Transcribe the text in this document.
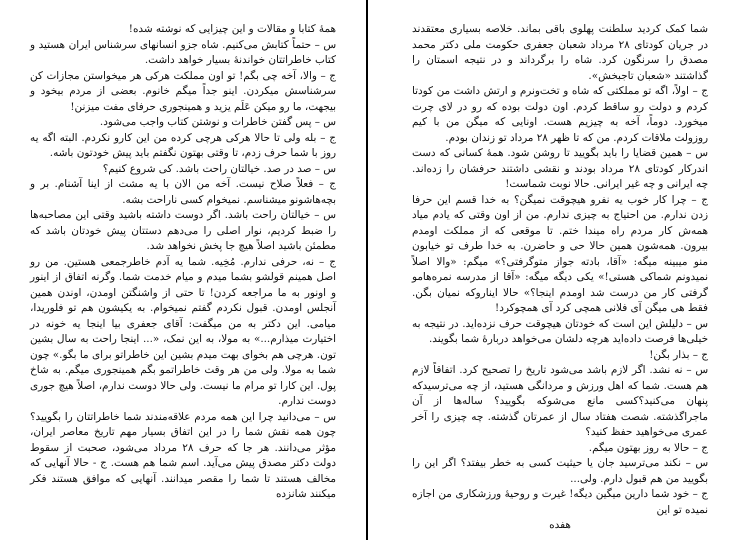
همهٔ کتابا و مقالات و این چیزایی که نوشته شده!

س – حتماً کتابش می‌کنیم. شاه جزو انسانهای سرشناس ایران هستید و کتاب خاطراتتان خواندنهٔ بسیار خواهد داشت.

ج – والا، آخه چی بگم! تو اون مملکت هرکی هر میخواستن مجازات کن سرشناسش میکردن. اینو جداً میگم خانوم. بعضی از مردم بیخود و بیجهت، ما رو میکن عَلَم یزید و همینجوری حرفای مفت میزنن!

س – پس گفتن خاطرات و نوشتن کتاب واجب می‌شود.

ج – بله ولی تا حالا هرکی هرچی کرده من این کارو نکردم. البته اگه یه روز با شما حرف زدم، تا وقتی بهتون نگفتم باید پیش خودتون باشه.

س – صد در صد. خیالتان راحت باشد. کی شروع کنیم؟

ج – فعلاً صلاح نیست. آخه من الان با یه مشت از اینا آشنام. بر و بچه‌هاشونو میشناسم. نمیخوام کسی ناراحت بشه.

س – خیالتان راحت باشد. اگر دوست داشته باشید وقتی این مصاحبه‌ها را ضبط کردیم، نوار اصلی را می‌دهم دستتان پیش خودتان باشد که مطمئن باشید اصلاً هیچ جا پخش نخواهد شد.

ج – نه، حرفی ندارم. مُخِیه. شما یه آدم خاطرجمعی هستین. من رو اصل همینم قولشو بشما میدم و میام خدمت شما. وگرنه اتفاق از اینور و اونور به ما مراجعه کردن! تا حتی از واشنگتن اومدن، اوندن همین آنجلس اومدن. قبول نکردم گفتم نمیخوام. به یکیشون هم تو فلوریدا، میامی. این دکتر به من میگفت: آقای جعفری بیا اینجا یه خونه در اختیارت میذارم...» به مولا، به این نمک، «... اینجا راحت به سال بشین تون. هرچی هم بخوای بهت میدم بشین این خاطراتو برای ما بگو.» چون شما به مولا. ولی من هر وقت خاطراتمو بگم همینجوری میگم. به شاخ پول. این کارا تو مرام ما نیست. ولی حالا دوست ندارم، اصلاً هیچ جوری دوست ندارم.

س – می‌دانید چرا این همه مردم علاقه‌مندند شما خاطراتتان را بگویید؟ چون همه نقش شما را در این اتفاق بسیار مهم تاریخ معاصر ایران، مؤثر می‌دانند. هر جا که حرف ۲۸ مرداد می‌شود، صحبت از سقوط دولت دکتر مصدق پیش می‌آید. اسم شما هم هست. ج - حالا آنهایی که مخالف هستند تا شما را مقصر میدانند. آنهایی که موافق هستند فکر میکنند شانزده

شما کمک کردید سلطنت پهلوی باقی بماند. خلاصه بسیاری معتقدند در جریان کودتای ۲۸ مرداد شعبان جعفری حکومت ملی دکتر محمد مصدق را سرنگون کرد. شاه را برگرداند و در نتیجه اسمتان را گذاشتند «شعبان تاجبخش».

ج – اولاً، اگه تو مملکتی که شاه و تخت‌ونرم و ارتش داشت من کودتا کردم و دولت رو ساقط کردم. اون دولت بوده که رو در لای چرت میخورد. دوماً، آخه به چیزیم هست. اونایی که میگن من با کیم روزولت ملاقات کردم. من که تا ظهر ۲۸ مرداد تو زندان بودم.

س – همین قضایا را باید بگویید تا روشن شود. همهٔ کسانی که دست اندرکار کودتای ۲۸ مرداد بودند و نقشی داشتند حرفشان را زده‌اند. چه ایرانی و چه غیر ایرانی. حالا نوبت شماست!

ج – چرا کار خوب یه نفرو هیچوقت نمیگن؟ به خدا قسم این حرفا زدن ندارم. من احتیاج به چیزی ندارم. من از اون وقتی که یادم میاد همه‌ش کار مردم راه میندا ختم. تا موقعی که از مملکت اومدم بیرون. همه‌شون همین حالا حی و حاضرن. به خدا طرف تو خیابون منو میبینه میگه: «آقا، بادته جواز متوگرفتی؟» میگم: «والا اصلاً نمیدونم شماکی هستی!» یکی دیگه میگه: «آقا از مدرسه نمره‌هامو گرفتی کار من درست شد اومدم اینجا؟» حالا ایناروکه نمیان بگن. فقط هی میگن آی فلانی همچی کرد آی همچوکرد!

س – دلیلش این است که خودتان هیچوقت حرف نزده‌اید. در نتیجه به خیلی‌ها فرصت داده‌اید هرچه دلشان می‌خواهد دربارهٔ شما بگویند.

ج – بذار بگن!

س – نه نشد. اگر لازم باشد می‌شود تاریخ را تصحیح کرد. اتفاقاً لازم هم هست. شما که اهل ورزش و مردانگی هستید، از چه می‌ترسیدکه پنهان می‌کنید؟کسی مانع می‌شوکه بگویید؟ ساله‌ها از آن ماجراگذشته. شصت هفتاد سال از عمرتان گذشته. چه چیزی را آخر عمری می‌خواهید حفظ کنید؟

ج – حالا به روز بهتون میگم.

س – نکند می‌ترسید جان یا حیثیت کسی به خطر بیفتد؟ اگر این را بگویید من هم قبول دارم. ولی...

ج – خود شما دارین میگین دیگه! غیرت و روحیهٔ ورزشکاری من اجازه نمیده تو این

هفده
